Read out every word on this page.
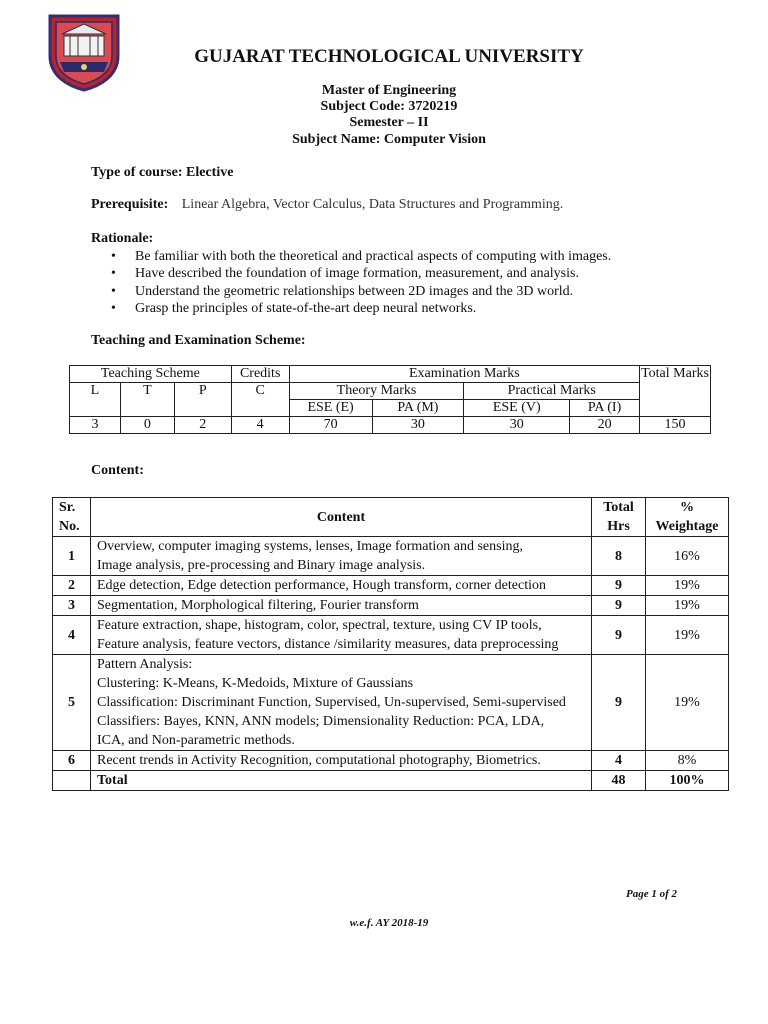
GUJARAT TECHNOLOGICAL UNIVERSITY
Master of Engineering
Subject Code: 3720219
Semester – II
Subject Name: Computer Vision
Type of course: Elective
Prerequisite: Linear Algebra, Vector Calculus, Data Structures and Programming.
Rationale:
• Be familiar with both the theoretical and practical aspects of computing with images.
• Have described the foundation of image formation, measurement, and analysis.
• Understand the geometric relationships between 2D images and the 3D world.
• Grasp the principles of state-of-the-art deep neural networks.
Teaching and Examination Scheme:
Teaching Scheme			Credits	Examination Marks				Total Marks
L	T	P	C	Theory Marks		Practical Marks		
				ESE (E)	PA (M)	ESE (V)	PA (I)	
3	0	2	4	70	30	30	20	150
Content:
Sr. No.	Content	Total Hrs	% Weightage
1	Overview, computer imaging systems, lenses, Image formation and sensing,
Image analysis, pre-processing and Binary image analysis.	8	16%
2	Edge detection, Edge detection performance, Hough transform, corner detection	9	19%
3	Segmentation, Morphological filtering, Fourier transform	9	19%
4	Feature extraction, shape, histogram, color, spectral, texture, using CV IP tools,
Feature analysis, feature vectors, distance /similarity measures, data preprocessing	9	19%
5	Pattern Analysis:
Clustering: K-Means, K-Medoids, Mixture of Gaussians
Classification: Discriminant Function, Supervised, Un-supervised, Semi-supervised
Classifiers: Bayes, KNN, ANN models; Dimensionality Reduction: PCA, LDA,
ICA, and Non-parametric methods.	9	19%
6	Recent trends in Activity Recognition, computational photography, Biometrics.	4	8%
	Total	48	100%
Page 1 of 2
w.e.f. AY 2018-19
